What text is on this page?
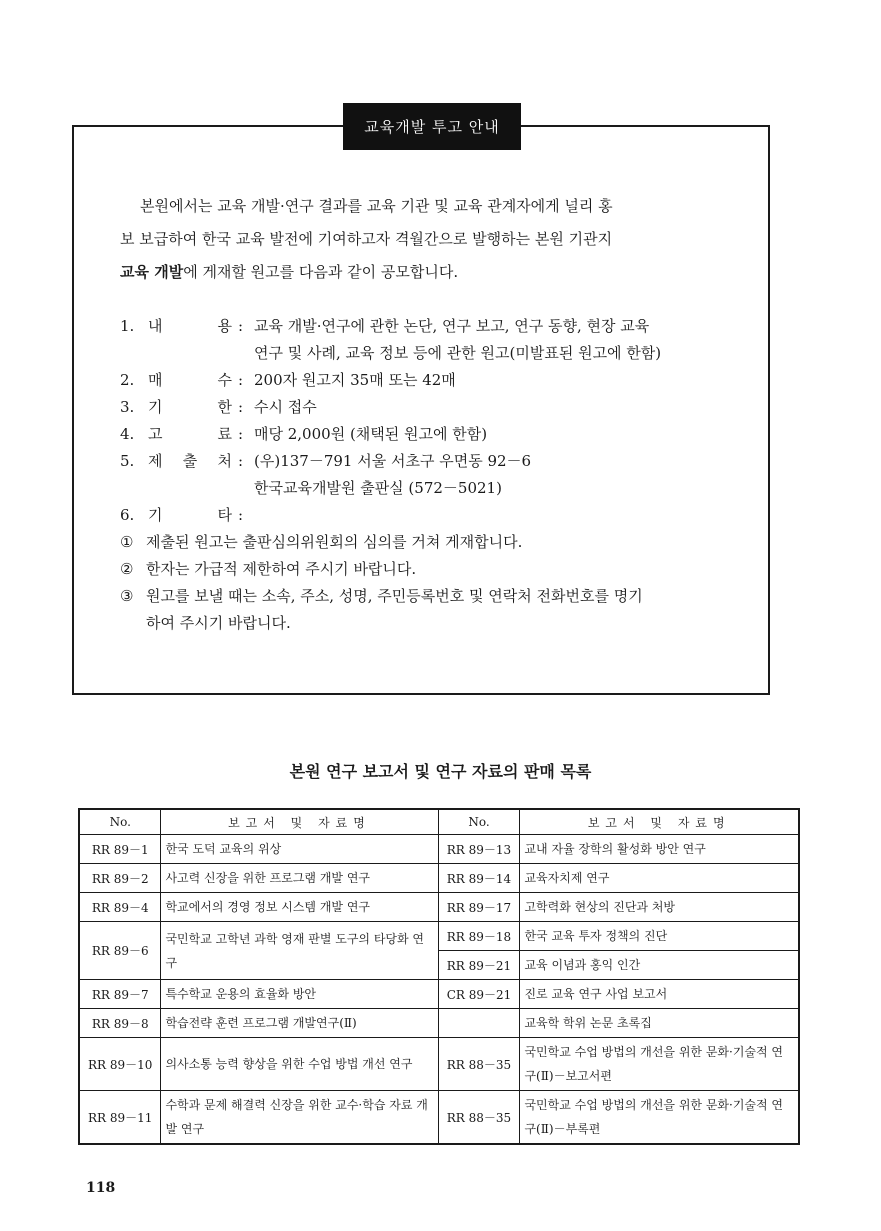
교육개발 투고 안내
본원에서는 교육 개발·연구 결과를 교육 기관 및 교육 관계자에게 널리 홍
보 보급하여 한국 교육 발전에 기여하고자 격월간으로 발행하는 본원 기관지
교육 개발에 게재할 원고를 다음과 같이 공모합니다.
1. 내	용 : 교육 개발·연구에 관한 논단, 연구 보고, 연구 동향, 현장 교육
연구 및 사례, 교육 정보 등에 관한 원고(미발표된 원고에 한함)
2. 매	수 : 200자 원고지 35매 또는 42매
3. 기	한 : 수시 접수
4. 고	료 : 매당 2,000원 (채택된 원고에 한함)
5. 제 출 처 : (우)137－791 서울 서초구 우면동 92－6
한국교육개발원 출판실 (572－5021)
6. 기	타 :
① 제출된 원고는 출판심의위원회의 심의를 거쳐 게재합니다.
② 한자는 가급적 제한하여 주시기 바랍니다.
③ 원고를 보낼 때는 소속, 주소, 성명, 주민등록번호 및 연락처 전화번호를 명기
하여 주시기 바랍니다.
본원 연구 보고서 및 연구 자료의 판매 목록
No.	보고서 및 자료명	No.	보고서 및 자료명
RR 89－1	한국 도덕 교육의 위상	RR 89－13	교내 자율 장학의 활성화 방안 연구
RR 89－2	사고력 신장을 위한 프로그램 개발 연구	RR 89－14	교육자치제 연구
RR 89－4	학교에서의 경영 정보 시스템 개발 연구	RR 89－17	고학력화 현상의 진단과 처방
RR 89－6	국민학교 고학년 과학 영재 판별 도구의 타당화 연구	RR 89－18	한국 교육 투자 정책의 진단
		RR 89－21	교육 이념과 홍익 인간
RR 89－7	특수학교 운용의 효율화 방안	CR 89－21	진로 교육 연구 사업 보고서
RR 89－8	학습전략 훈련 프로그램 개발연구(Ⅱ)		교육학 학위 논문 초록집
RR 89－10	의사소통 능력 향상을 위한 수업 방법 개선 연구	RR 88－35	국민학교 수업 방법의 개선을 위한 문화·기술적 연구(Ⅱ)－보고서편
RR 89－11	수학과 문제 해결력 신장을 위한 교수·학습 자료 개발 연구	RR 88－35	국민학교 수업 방법의 개선을 위한 문화·기술적 연구(Ⅱ)－부록편
118
